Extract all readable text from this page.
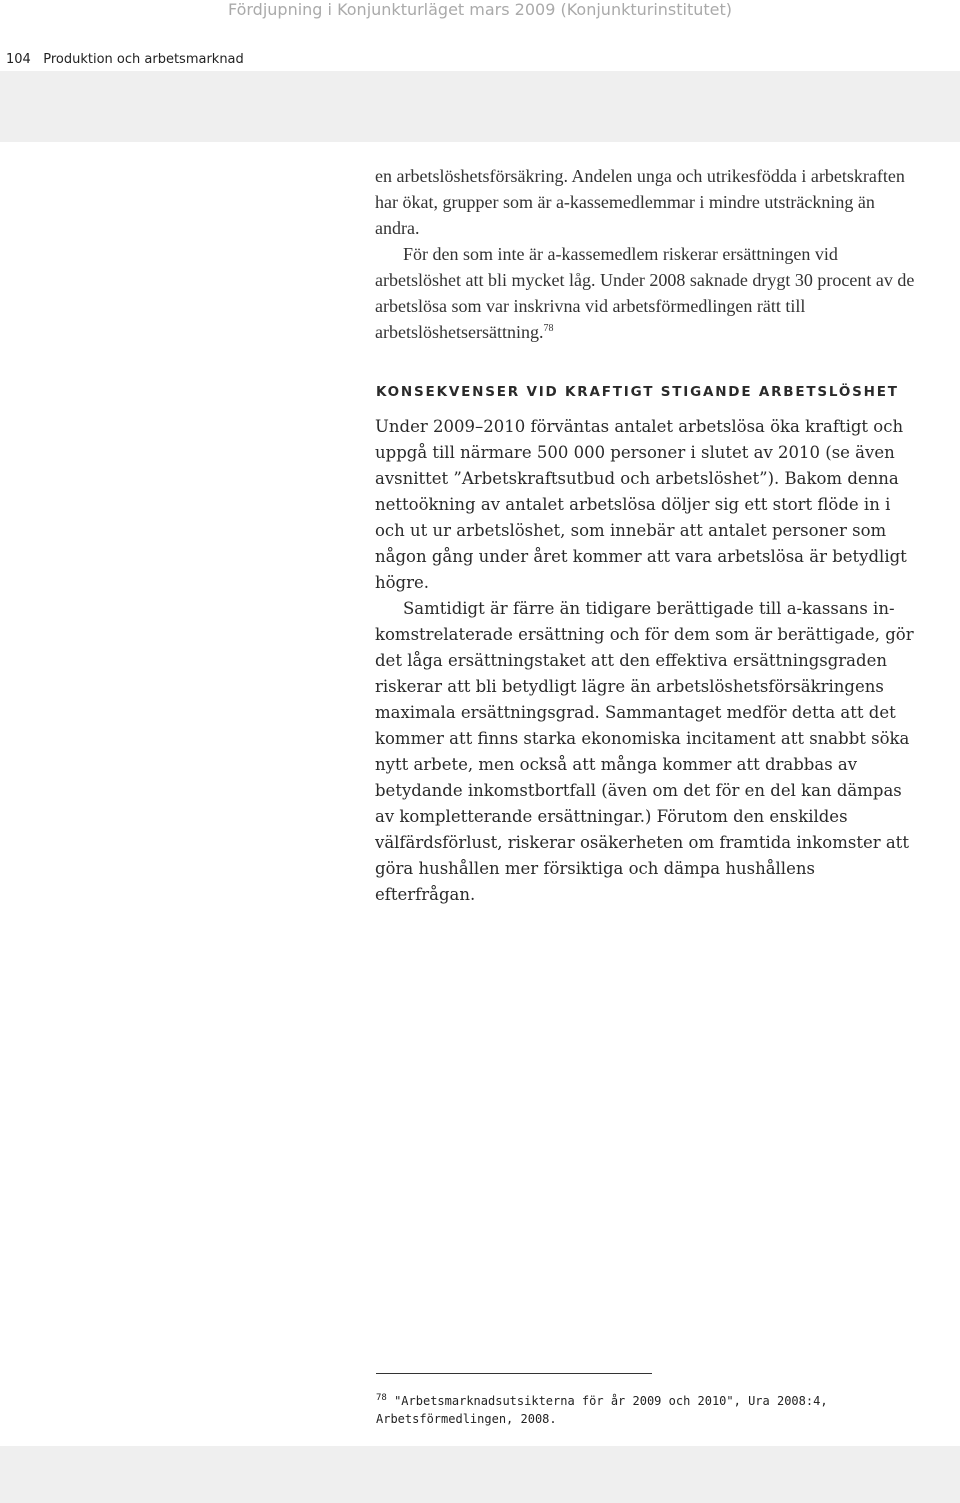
Fördjupning i Konjunkturläget mars 2009 (Konjunkturinstitutet)
104 Produktion och arbetsmarknad

en arbetslöshetsförsäkring. Andelen unga och utrikesfödda i arbetskraften har ökat, grupper som är a-kassemedlemmar i mindre utsträckning än andra.

För den som inte är a-kassemedlem riskerar ersättningen vid arbetslöshet att bli mycket låg. Under 2008 saknade drygt 30 procent av de arbetslösa som var inskrivna vid arbetsförmedlingen rätt till arbetslöshetsersättning.$^{78}$

KONSEKVENSER VID KRAFTIGT STIGANDE ARBETSLÖSHET

Under 2009–2010 förväntas antalet arbetslösa öka kraftigt och uppgå till närmare 500 000 personer i slutet av 2010 (se även avsnittet ”Arbetskraftsutbud och arbetslöshet”). Bakom denna nettoökning av antalet arbetslösa döljer sig ett stort flöde in i och ut ur arbetslöshet, som innebär att antalet personer som någon gång under året kommer att vara arbetslösa är betydligt högre.

Samtidigt är färre än tidigare berättigade till a-kassans inkomstrelaterade ersättning och för dem som är berättigade, gör det låga ersättningstaket att den effektiva ersättningsgraden riskerar att bli betydligt lägre än arbetslöshetsförsäkringens maximala ersättningsgrad. Sammantaget medför detta att det kommer att finns starka ekonomiska incitament att snabbt söka nytt arbete, men också att många kommer att drabbas av betydande inkomstbortfall (även om det för en del kan dämpas av kompletterande ersättningar.) Förutom den enskildes välfärdsförlust, riskerar osäkerheten om framtida inkomster att göra hushållen mer försiktiga och dämpa hushållens efterfrågan.

$^{78}$ "Arbetsmarknadsutsikterna för år 2009 och 2010", Ura 2008:4, Arbetsförmedlingen, 2008.
